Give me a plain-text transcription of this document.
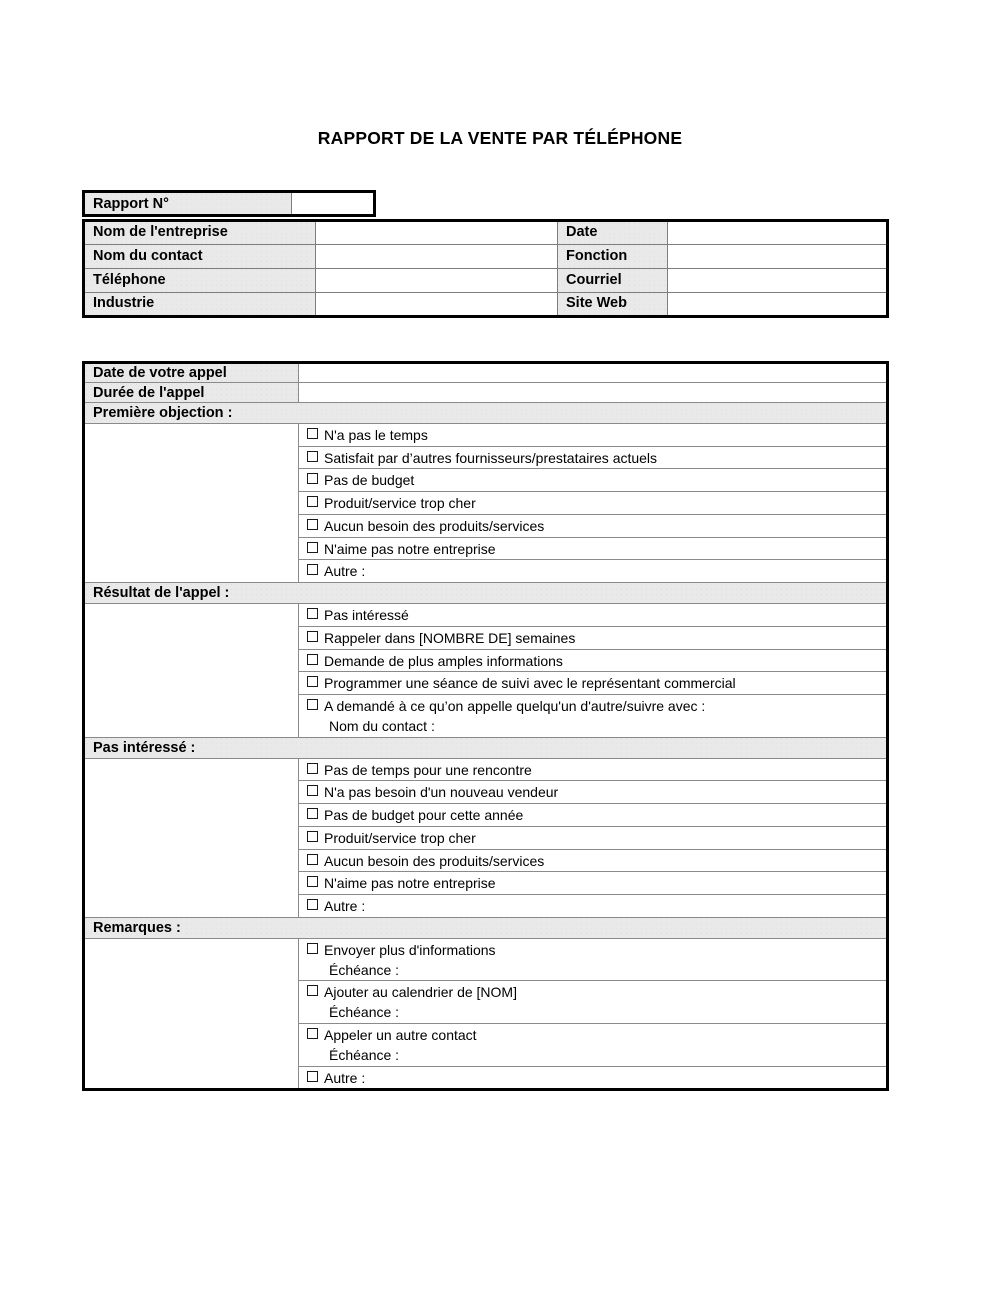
RAPPORT DE LA VENTE PAR TÉLÉPHONE
Rapport N°	
Nom de l'entreprise		Date	
Nom du contact		Fonction	
Téléphone		Courriel	
Industrie		Site Web	
Date de votre appel	
Durée de l'appel	
Première objection :	
	N'a pas le temps
	Satisfait par d’autres fournisseurs/prestataires actuels
	Pas de budget
	Produit/service trop cher
	Aucun besoin des produits/services
	N'aime pas notre entreprise
	Autre :
Résultat de l'appel :	
	Pas intéressé
	Rappeler dans [NOMBRE DE] semaines
	Demande de plus amples informations
	Programmer une séance de suivi avec le représentant commercial
	A demandé à ce qu’on appelle quelqu'un d'autre/suivre avec :
Nom du contact :

Pas intéressé :	
	Pas de temps pour une rencontre
	N'a pas besoin d'un nouveau vendeur
	Pas de budget pour cette année
	Produit/service trop cher
	Aucun besoin des produits/services
	N'aime pas notre entreprise
	Autre :
Remarques :	
	Envoyer plus d'informations
Échéance :

	Ajouter au calendrier de [NOM]
Échéance :

	Appeler un autre contact
Échéance :

	Autre :
